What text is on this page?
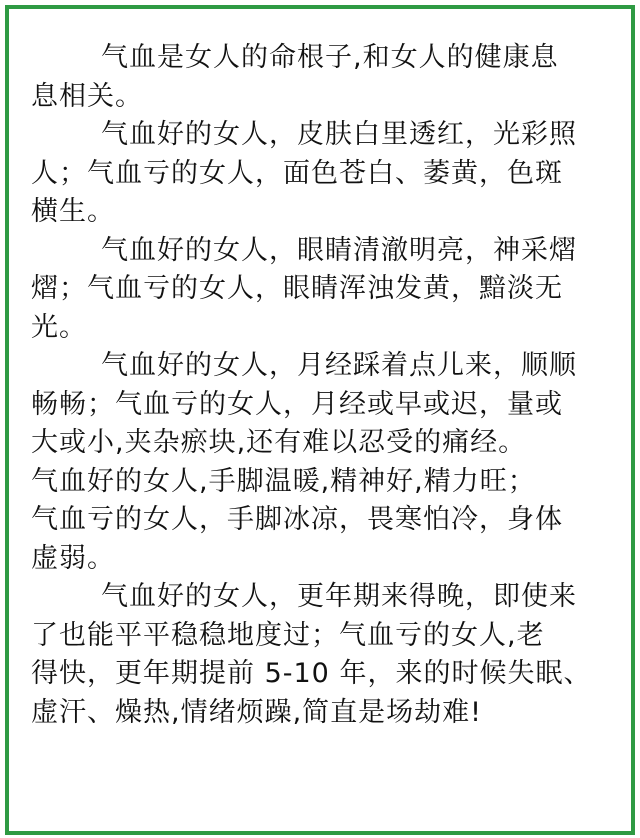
气血是女人的命根子,和女人的健康息
息相关。
气血好的女人，皮肤白里透红，光彩照
人；气血亏的女人，面色苍白、萎黄，色斑
横生。
气血好的女人，眼睛清澈明亮，神采熠
熠；气血亏的女人，眼睛浑浊发黄，黯淡无
光。
气血好的女人，月经踩着点儿来，顺顺
畅畅；气血亏的女人，月经或早或迟，量或
大或小,夹杂瘀块,还有难以忍受的痛经。
气血好的女人,手脚温暖,精神好,精力旺；
气血亏的女人，手脚冰凉，畏寒怕冷，身体
虚弱。
气血好的女人，更年期来得晚，即使来
了也能平平稳稳地度过；气血亏的女人,老
得快，更年期提前 5-10 年，来的时候失眠、
虚汗、燥热,情绪烦躁,简直是场劫难!
